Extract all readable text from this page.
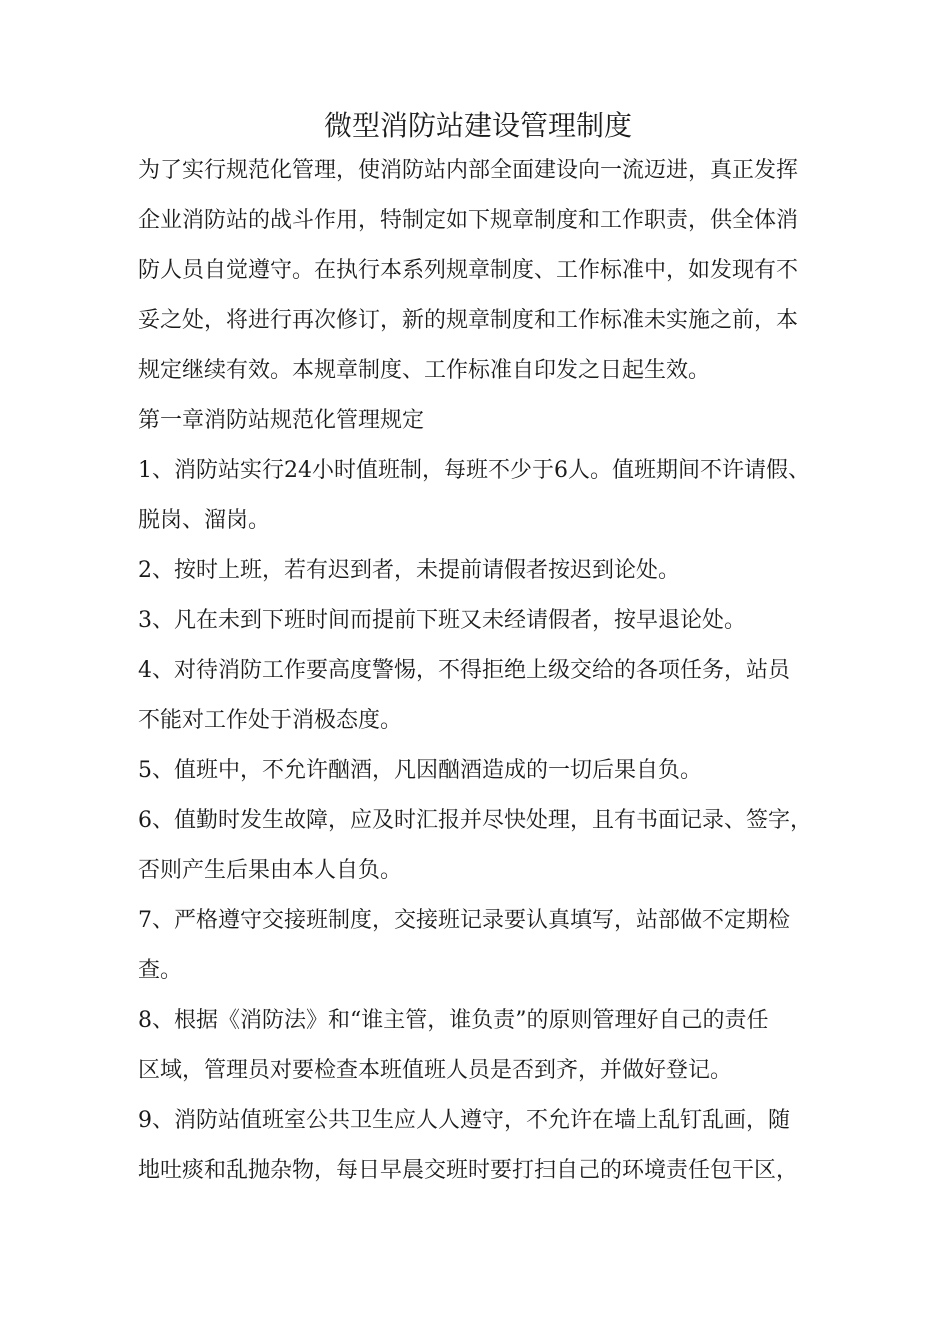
微型消防站建设管理制度
为了实行规范化管理，使消防站内部全面建设向一流迈进，真正发挥
企业消防站的战斗作用，特制定如下规章制度和工作职责，供全体消
防人员自觉遵守。在执行本系列规章制度、工作标准中，如发现有不
妥之处，将进行再次修订，新的规章制度和工作标准未实施之前，本
规定继续有效。本规章制度、工作标准自印发之日起生效。
第一章消防站规范化管理规定
1、消防站实行24小时值班制，每班不少于6人。值班期间不许请假、
脱岗、溜岗。
2、按时上班，若有迟到者，未提前请假者按迟到论处。
3、凡在未到下班时间而提前下班又未经请假者，按早退论处。
4、对待消防工作要高度警惕，不得拒绝上级交给的各项任务，站员
不能对工作处于消极态度。
5、值班中，不允许酗酒，凡因酗酒造成的一切后果自负。
6、值勤时发生故障，应及时汇报并尽快处理，且有书面记录、签字，
否则产生后果由本人自负。
7、严格遵守交接班制度，交接班记录要认真填写，站部做不定期检
查。
8、根据《消防法》和“谁主管，谁负责”的原则管理好自己的责任
区域，管理员对要检查本班值班人员是否到齐，并做好登记。
9、消防站值班室公共卫生应人人遵守，不允许在墙上乱钉乱画，随
地吐痰和乱抛杂物，每日早晨交班时要打扫自己的环境责任包干区，
